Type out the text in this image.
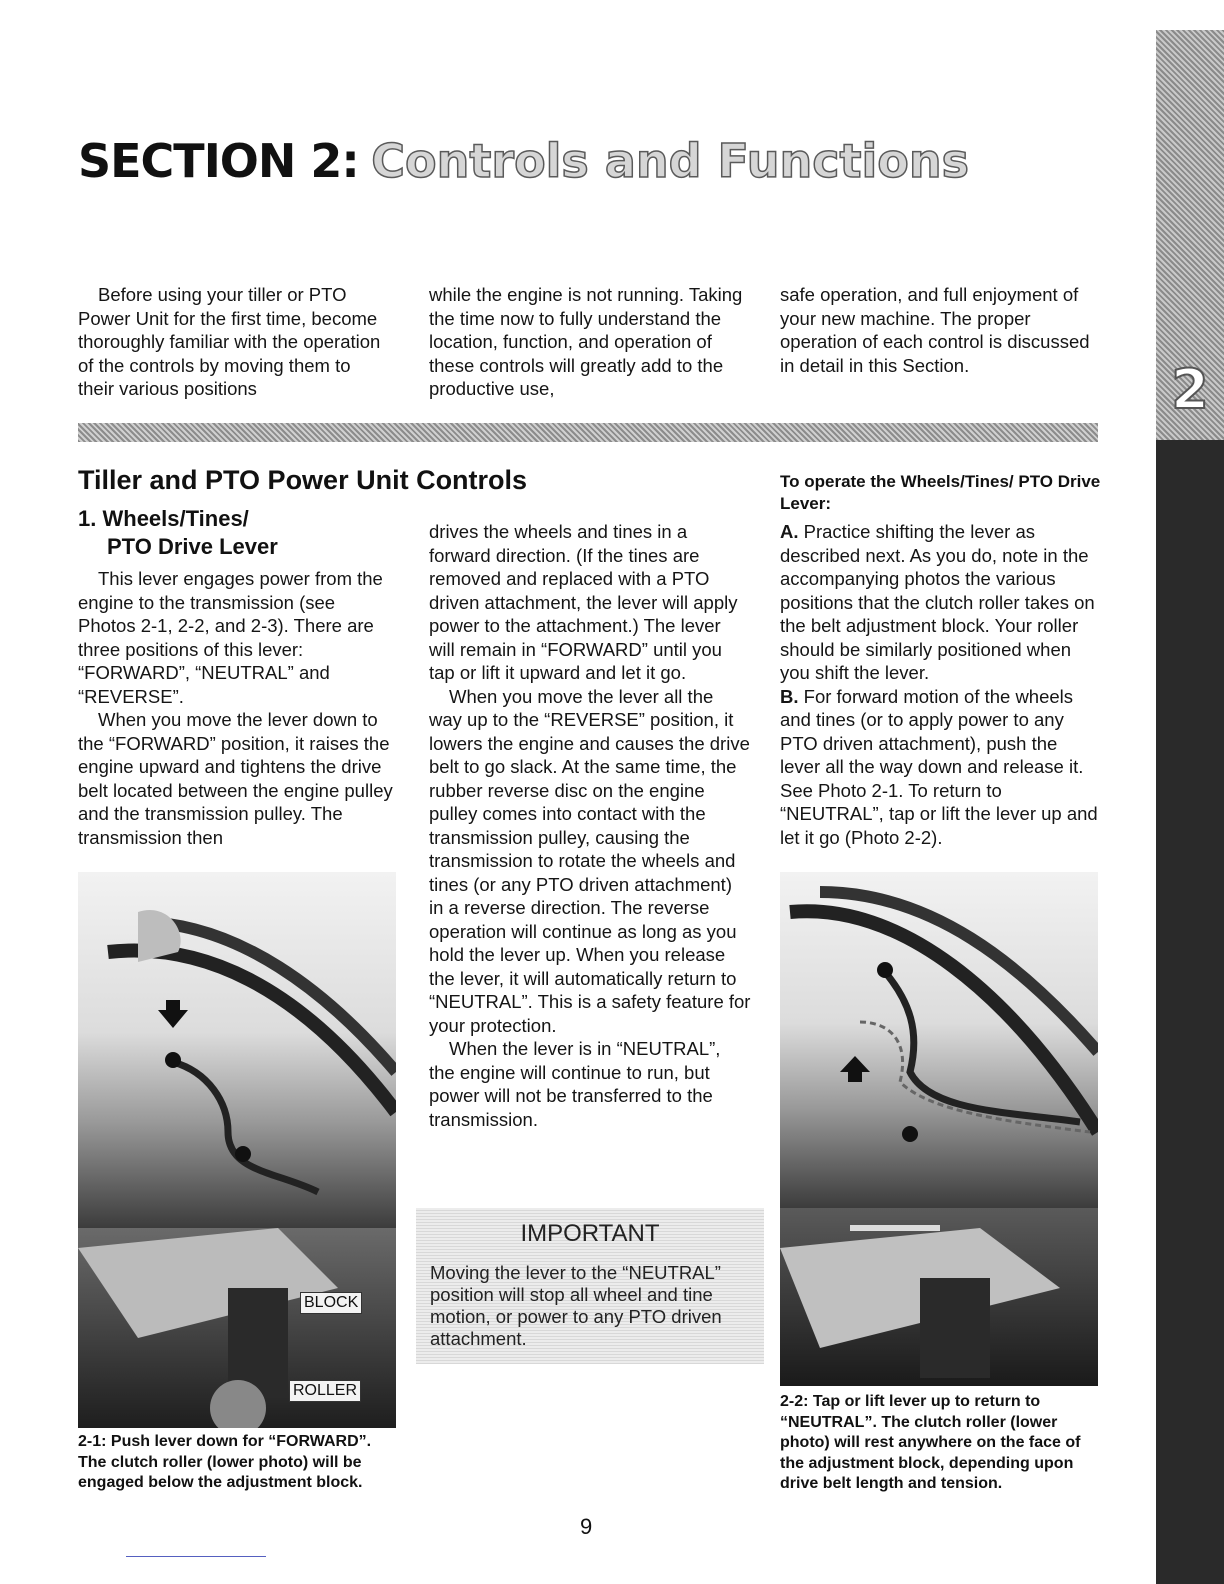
2
SECTION 2: Controls and Functions

Before using your tiller or PTO Power Unit for the first time, become thoroughly familiar with the operation of the controls by moving them to their various positions

while the engine is not running. Taking the time now to fully understand the location, function, and operation of these controls will greatly add to the productive use,

safe operation, and full enjoyment of your new machine. The proper operation of each control is discussed in detail in this Section.

Tiller and PTO Power Unit Controls
1. Wheels/Tines/
PTO Drive Lever

This lever engages power from the engine to the transmission (see Photos 2-1, 2-2, and 2-3). There are three positions of this lever: “FORWARD”, “NEUTRAL” and “REVERSE”.

When you move the lever down to the “FORWARD” position, it raises the engine upward and tightens the drive belt located between the engine pulley and the transmission pulley. The transmission then

drives the wheels and tines in a forward direction. (If the tines are removed and replaced with a PTO driven attachment, the lever will apply power to the attachment.) The lever will remain in “FORWARD” until you tap or lift it upward and let it go.

When you move the lever all the way up to the “REVERSE” position, it lowers the engine and causes the drive belt to go slack. At the same time, the rubber reverse disc on the engine pulley comes into contact with the transmission pulley, causing the transmission to rotate the wheels and tines (or any PTO driven attachment) in a reverse direction. The reverse operation will continue as long as you hold the lever up. When you release the lever, it will automatically return to “NEUTRAL”. This is a safety feature for your protection.

When the lever is in “NEUTRAL”, the engine will continue to run, but power will not be transferred to the transmission.

To operate the Wheels/Tines/ PTO Drive Lever:

A. Practice shifting the lever as described next. As you do, note in the accompanying photos the various positions that the clutch roller takes on the belt adjustment block. Your roller should be similarly positioned when you shift the lever.

B. For forward motion of the wheels and tines (or to apply power to any PTO driven attachment), push the lever all the way down and release it. See Photo 2-1. To return to “NEUTRAL”, tap or lift the lever up and let it go (Photo 2-2).

BLOCK
ROLLER
2-1: Push lever down for “FORWARD”. The clutch roller (lower photo) will be engaged below the adjustment block.
IMPORTANT
Moving the lever to the “NEUTRAL” position will stop all wheel and tine motion, or power to any PTO driven attachment.
2-2: Tap or lift lever up to return to “NEUTRAL”. The clutch roller (lower photo) will rest anywhere on the face of the adjustment block, depending upon drive belt length and tension.
9
